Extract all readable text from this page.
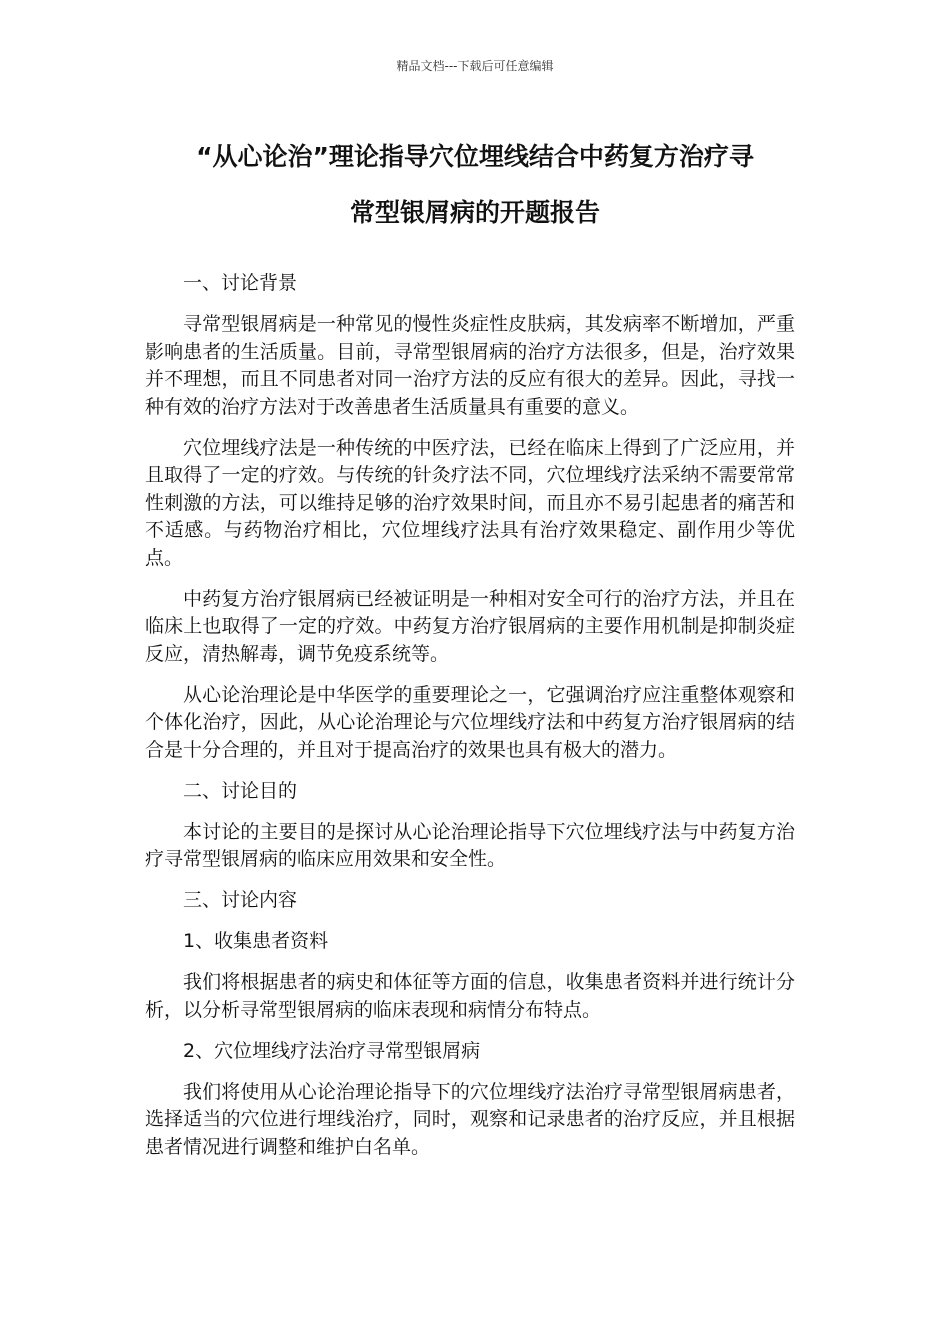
精品文档---下载后可任意编辑
“从心论治”理论指导穴位埋线结合中药复方治疗寻
常型银屑病的开题报告

一、讨论背景

寻常型银屑病是一种常见的慢性炎症性皮肤病，其发病率不断增加，严重影响患者的生活质量。目前，寻常型银屑病的治疗方法很多，但是，治疗效果并不理想，而且不同患者对同一治疗方法的反应有很大的差异。因此，寻找一种有效的治疗方法对于改善患者生活质量具有重要的意义。

穴位埋线疗法是一种传统的中医疗法，已经在临床上得到了广泛应用，并且取得了一定的疗效。与传统的针灸疗法不同，穴位埋线疗法采纳不需要常常性刺激的方法，可以维持足够的治疗效果时间，而且亦不易引起患者的痛苦和不适感。与药物治疗相比，穴位埋线疗法具有治疗效果稳定、副作用少等优点。

中药复方治疗银屑病已经被证明是一种相对安全可行的治疗方法，并且在临床上也取得了一定的疗效。中药复方治疗银屑病的主要作用机制是抑制炎症反应，清热解毒，调节免疫系统等。

从心论治理论是中华医学的重要理论之一，它强调治疗应注重整体观察和个体化治疗，因此，从心论治理论与穴位埋线疗法和中药复方治疗银屑病的结合是十分合理的，并且对于提高治疗的效果也具有极大的潜力。

二、讨论目的

本讨论的主要目的是探讨从心论治理论指导下穴位埋线疗法与中药复方治疗寻常型银屑病的临床应用效果和安全性。

三、讨论内容

1、收集患者资料

我们将根据患者的病史和体征等方面的信息，收集患者资料并进行统计分析，以分析寻常型银屑病的临床表现和病情分布特点。

2、穴位埋线疗法治疗寻常型银屑病

我们将使用从心论治理论指导下的穴位埋线疗法治疗寻常型银屑病患者，选择适当的穴位进行埋线治疗，同时，观察和记录患者的治疗反应，并且根据患者情况进行调整和维护白名单。
